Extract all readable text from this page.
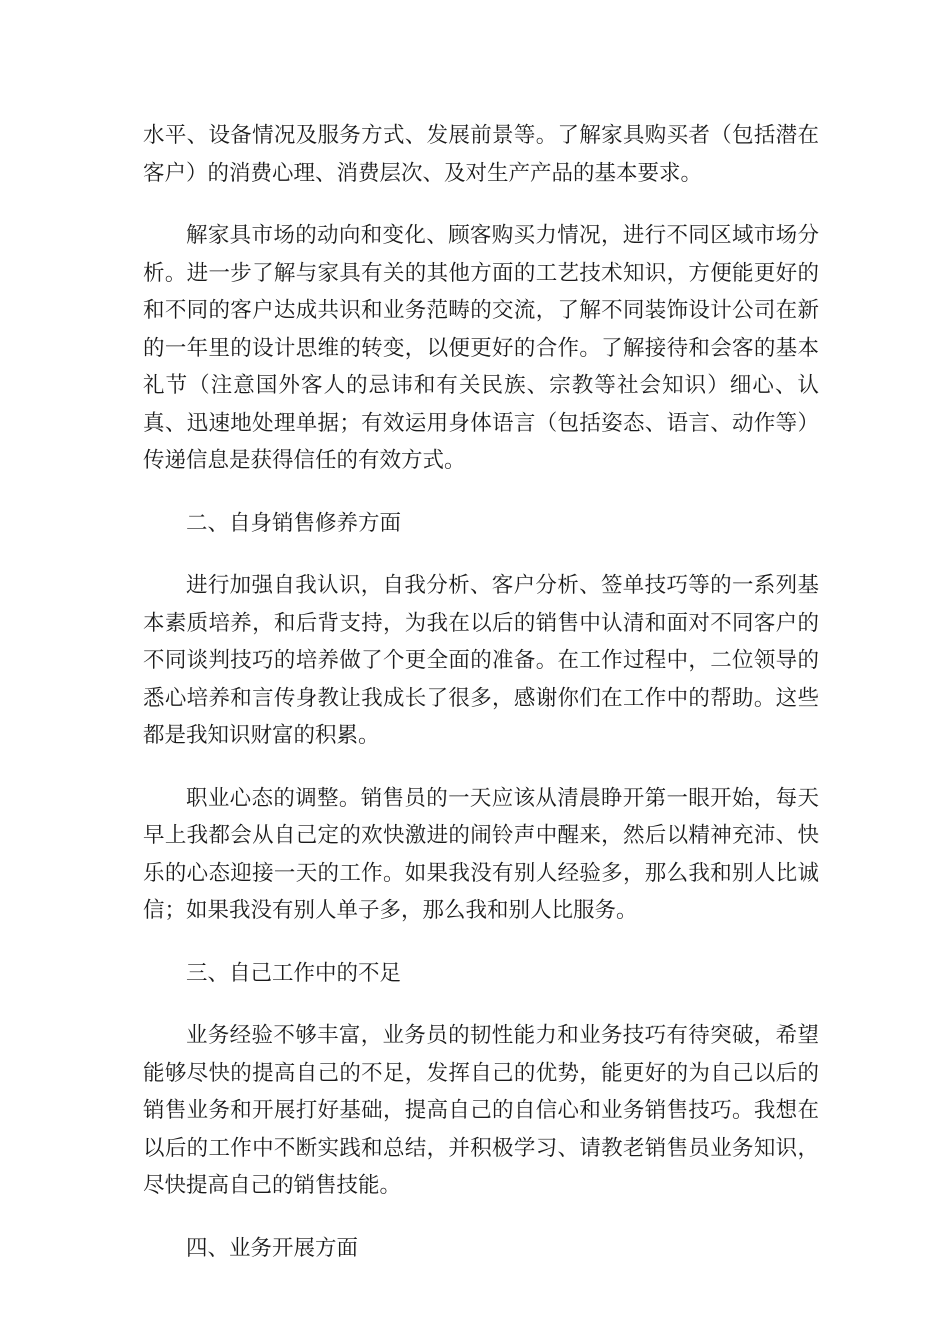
水平、设备情况及服务方式、发展前景等。了解家具购买者（包括潜在客户）的消费心理、消费层次、及对生产产品的基本要求。

解家具市场的动向和变化、顾客购买力情况，进行不同区域市场分析。进一步了解与家具有关的其他方面的工艺技术知识，方便能更好的和不同的客户达成共识和业务范畴的交流，了解不同装饰设计公司在新的一年里的设计思维的转变，以便更好的合作。了解接待和会客的基本礼节（注意国外客人的忌讳和有关民族、宗教等社会知识）细心、认真、迅速地处理单据；有效运用身体语言（包括姿态、语言、动作等）传递信息是获得信任的有效方式。

二、自身销售修养方面

进行加强自我认识，自我分析、客户分析、签单技巧等的一系列基本素质培养，和后背支持，为我在以后的销售中认清和面对不同客户的不同谈判技巧的培养做了个更全面的准备。在工作过程中，二位领导的悉心培养和言传身教让我成长了很多，感谢你们在工作中的帮助。这些都是我知识财富的积累。

职业心态的调整。销售员的一天应该从清晨睁开第一眼开始，每天早上我都会从自己定的欢快激进的闹铃声中醒来，然后以精神充沛、快乐的心态迎接一天的工作。如果我没有别人经验多，那么我和别人比诚信；如果我没有别人单子多，那么我和别人比服务。

三、自己工作中的不足

业务经验不够丰富，业务员的韧性能力和业务技巧有待突破，希望能够尽快的提高自己的不足，发挥自己的优势，能更好的为自己以后的销售业务和开展打好基础，提高自己的自信心和业务销售技巧。我想在以后的工作中不断实践和总结，并积极学习、请教老销售员业务知识，尽快提高自己的销售技能。

四、业务开展方面
